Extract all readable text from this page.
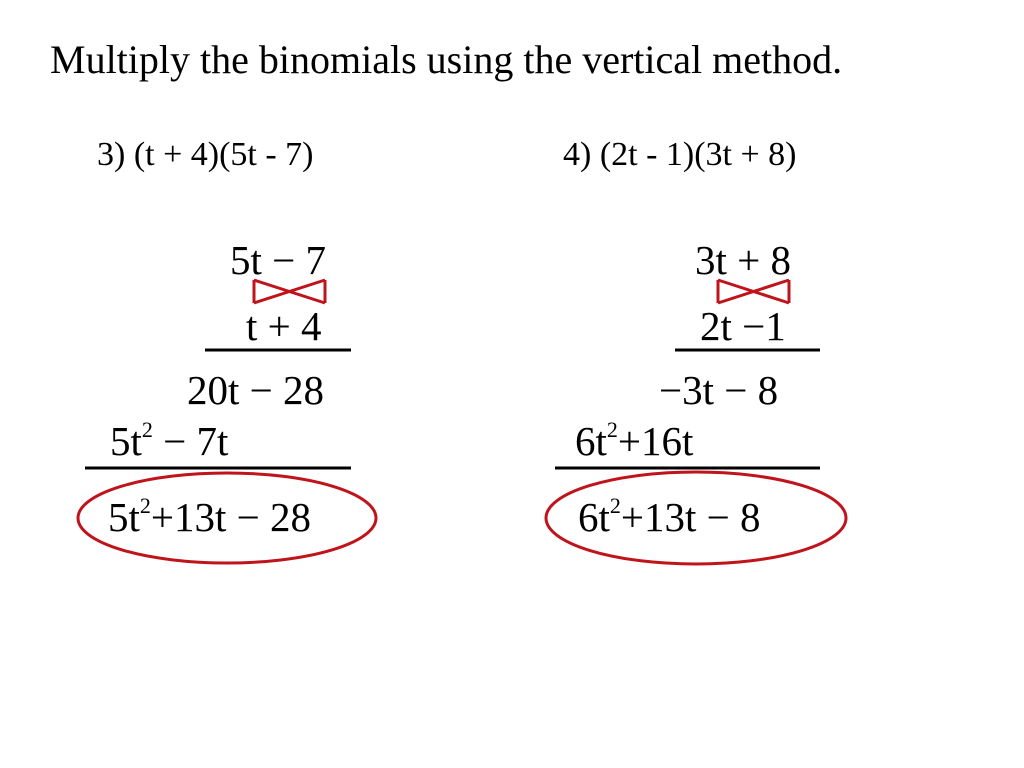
Multiply the binomials using the vertical method.
3) (t + 4)(5t - 7)	4) (2t - 1)(3t + 8)
5t − 7
t + 4
20t − 28
$5t^2 - 7t$
$5t^2+13t - 28$
3t + 8
2t −1
−3t − 8
$6t^2+16t$
$6t^2+13t - 8$
